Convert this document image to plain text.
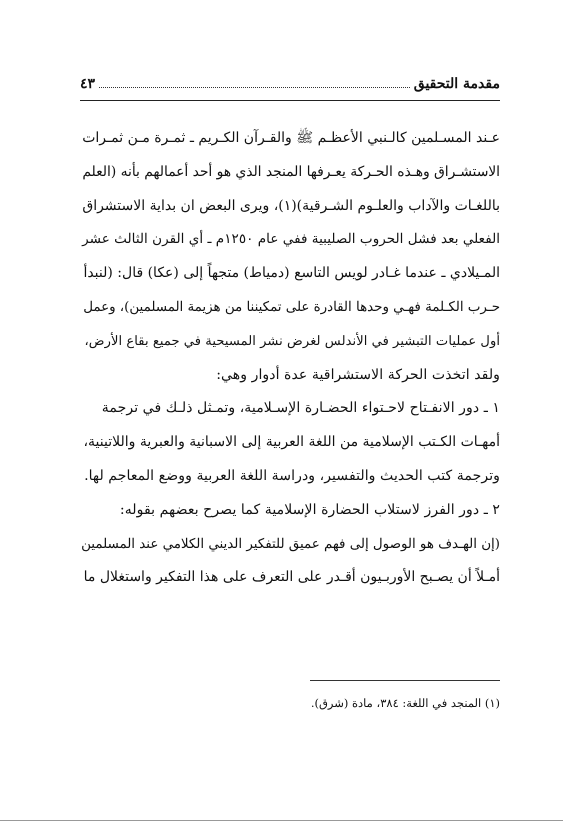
مقدمة التحقيق
٤٣
عـند المسـلمين كالـنبي الأعظـم ﷺ والقـرآن الكـريم ـ ثمـرة مـن ثمـرات
الاستشـراق وهـذه الحـركة يعـرفها المنجد الذي هو أحد أعمالهم بأنه (العلم
باللغـات والآداب والعلـوم الشـرقية)(١)، ويرى البعض ان بداية الاستشراق
الفعلي بعد فشل الحروب الصليبية ففي عام ١٢٥٠م ـ أي القرن الثالث عشر
المـيلادي ـ عندما غـادر لويس التاسع (دمياط) متجهاً إلى (عكا) قال: (لنبدأ
حـرب الكـلمة فهـي وحدها القادرة على تمكيننا من هزيمة المسلمين)، وعمل
أول عمليات التبشير في الأندلس لغرض نشر المسيحية في جميع بقاع الأرض،
ولقد اتخذت الحركة الاستشراقية عدة أدوار وهي:
١ ـ دور الانفـتاح لاحـتواء الحضـارة الإسـلامية، وتمـثل ذلـك في ترجمة
أمهـات الكـتب الإسلامية من اللغة العربية إلى الاسبانية والعبرية واللاتينية،
وترجمة كتب الحديث والتفسير، ودراسة اللغة العربية ووضع المعاجم لها.
٢ ـ دور الفرز لاستلاب الحضارة الإسلامية كما يصرح بعضهم بقوله:
(إن الهـدف هو الوصول إلى فهم عميق للتفكير الديني الكلامي عند المسلمين
أمـلاً أن يصـبح الأوربـيون أقـدر على التعرف على هذا التفكير واستغلال ما
(١) المنجد في اللغة: ٣٨٤، مادة (شرق).
